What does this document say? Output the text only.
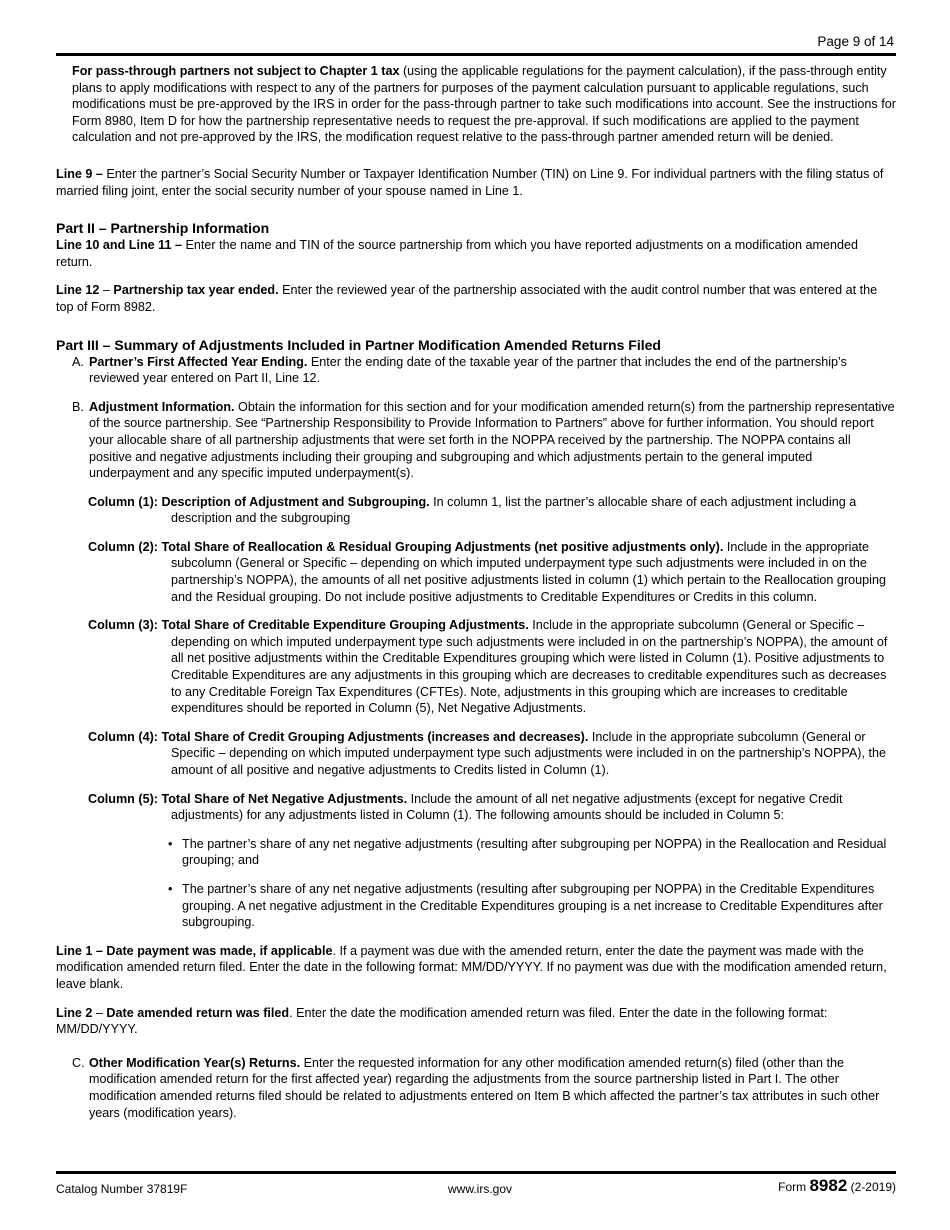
Page 9 of 14

For pass-through partners not subject to Chapter 1 tax (using the applicable regulations for the payment calculation), if the pass-through entity plans to apply modifications with respect to any of the partners for purposes of the payment calculation pursuant to applicable regulations, such modifications must be pre-approved by the IRS in order for the pass-through partner to take such modifications into account. See the instructions for Form 8980, Item D for how the partnership representative needs to request the pre-approval. If such modifications are applied to the payment calculation and not pre-approved by the IRS, the modification request relative to the pass-through partner amended return will be denied.

Line 9 – Enter the partner’s Social Security Number or Taxpayer Identification Number (TIN) on Line 9. For individual partners with the filing status of married filing joint, enter the social security number of your spouse named in Line 1.

Part II – Partnership Information

Line 10 and Line 11 – Enter the name and TIN of the source partnership from which you have reported adjustments on a modification amended return.

Line 12 – Partnership tax year ended. Enter the reviewed year of the partnership associated with the audit control number that was entered at the top of Form 8982.

Part III – Summary of Adjustments Included in Partner Modification Amended Returns Filed

A. Partner’s First Affected Year Ending. Enter the ending date of the taxable year of the partner that includes the end of the partnership’s reviewed year entered on Part II, Line 12.
B. Adjustment Information. Obtain the information for this section and for your modification amended return(s) from the partnership representative of the source partnership. See “Partnership Responsibility to Provide Information to Partners” above for further information. You should report your allocable share of all partnership adjustments that were set forth in the NOPPA received by the partnership. The NOPPA contains all positive and negative adjustments including their grouping and subgrouping and which adjustments pertain to the general imputed underpayment and any specific imputed underpayment(s).

Column (1): Description of Adjustment and Subgrouping. In column 1, list the partner’s allocable share of each adjustment including a description and the subgrouping

Column (2): Total Share of Reallocation & Residual Grouping Adjustments (net positive adjustments only). Include in the appropriate subcolumn (General or Specific – depending on which imputed underpayment type such adjustments were included in on the partnership’s NOPPA), the amounts of all net positive adjustments listed in column (1) which pertain to the Reallocation grouping and the Residual grouping. Do not include positive adjustments to Creditable Expenditures or Credits in this column.

Column (3): Total Share of Creditable Expenditure Grouping Adjustments. Include in the appropriate subcolumn (General or Specific – depending on which imputed underpayment type such adjustments were included in on the partnership’s NOPPA), the amount of all net positive adjustments within the Creditable Expenditures grouping which were listed in Column (1). Positive adjustments to Creditable Expenditures are any adjustments in this grouping which are decreases to creditable expenditures such as decreases to any Creditable Foreign Tax Expenditures (CFTEs). Note, adjustments in this grouping which are increases to creditable expenditures should be reported in Column (5), Net Negative Adjustments.

Column (4): Total Share of Credit Grouping Adjustments (increases and decreases). Include in the appropriate subcolumn (General or Specific – depending on which imputed underpayment type such adjustments were included in on the partnership’s NOPPA), the amount of all positive and negative adjustments to Credits listed in Column (1).

Column (5): Total Share of Net Negative Adjustments. Include the amount of all net negative adjustments (except for negative Credit adjustments) for any adjustments listed in Column (1). The following amounts should be included in Column 5:

• The partner’s share of any net negative adjustments (resulting after subgrouping per NOPPA) in the Reallocation and Residual grouping; and
• The partner’s share of any net negative adjustments (resulting after subgrouping per NOPPA) in the Creditable Expenditures grouping. A net negative adjustment in the Creditable Expenditures grouping is a net increase to Creditable Expenditures after subgrouping.

Line 1 – Date payment was made, if applicable. If a payment was due with the amended return, enter the date the payment was made with the modification amended return filed. Enter the date in the following format: MM/DD/YYYY. If no payment was due with the modification amended return, leave blank.

Line 2 – Date amended return was filed. Enter the date the modification amended return was filed. Enter the date in the following format: MM/DD/YYYY.

C. Other Modification Year(s) Returns. Enter the requested information for any other modification amended return(s) filed (other than the modification amended return for the first affected year) regarding the adjustments from the source partnership listed in Part I. The other modification amended returns filed should be related to adjustments entered on Item B which affected the partner’s tax attributes in such other years (modification years).
Catalog Number 37819F	www.irs.gov	Form 8982 (2-2019)
